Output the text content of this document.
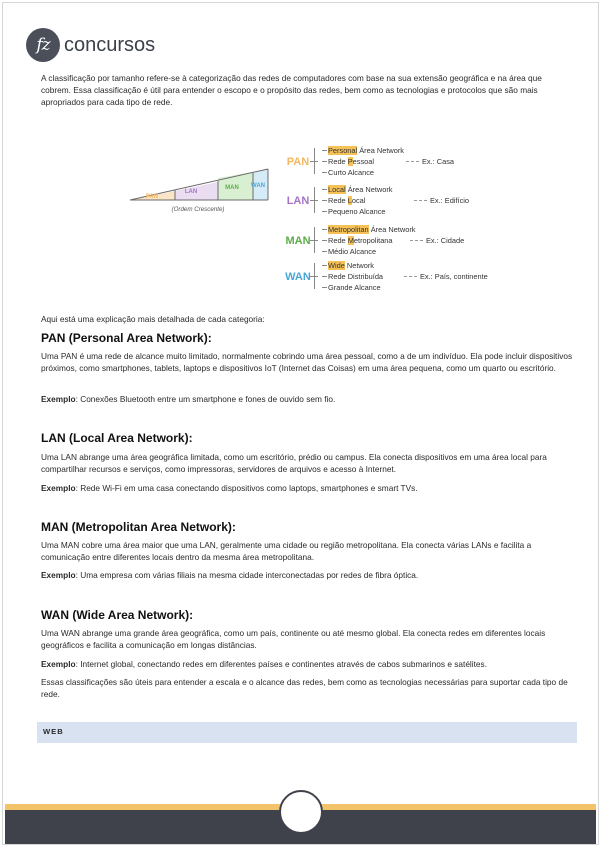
fz concursos

A classificação por tamanho refere-se à categorização das redes de computadores com base na sua extensão geográfica e na área que cobrem. Essa classificação é útil para entender o escopo e o propósito das redes, bem como as tecnologias e protocolos que são mais apropriados para cada tipo de rede.

PAN
LAN
MAN WAN
(Ordem Crescente)
PAN
Personal Área Network
Rede Pessoal
Curto Alcance
Ex.: Casa
LAN
Local Área Network
Rede Local
Pequeno Alcance
Ex.: Edifício
MAN
Metropolitan Área Network
Rede Metropolitana
Médio Alcance
Ex.: Cidade
WAN
Wide Network
Rede Distribuída
Grande Alcance
Ex.: País, continente

Aqui está uma explicação mais detalhada de cada categoria:

PAN (Personal Area Network):

Uma PAN é uma rede de alcance muito limitado, normalmente cobrindo uma área pessoal, como a de um indivíduo. Ela pode incluir dispositivos próximos, como smartphones, tablets, laptops e dispositivos IoT (Internet das Coisas) em uma área pequena, como um quarto ou escritório.

Exemplo: Conexões Bluetooth entre um smartphone e fones de ouvido sem fio.

LAN (Local Area Network):

Uma LAN abrange uma área geográfica limitada, como um escritório, prédio ou campus. Ela conecta dispositivos em uma área local para compartilhar recursos e serviços, como impressoras, servidores de arquivos e acesso à Internet.

Exemplo: Rede Wi-Fi em uma casa conectando dispositivos como laptops, smartphones e smart TVs.

MAN (Metropolitan Area Network):

Uma MAN cobre uma área maior que uma LAN, geralmente uma cidade ou região metropolitana. Ela conecta várias LANs e facilita a comunicação entre diferentes locais dentro da mesma área metropolitana.

Exemplo: Uma empresa com várias filiais na mesma cidade interconectadas por redes de fibra óptica.

WAN (Wide Area Network):

Uma WAN abrange uma grande área geográfica, como um país, continente ou até mesmo global. Ela conecta redes em diferentes locais geográficos e facilita a comunicação em longas distâncias.

Exemplo: Internet global, conectando redes em diferentes países e continentes através de cabos submarinos e satélites.

Essas classificações são úteis para entender a escala e o alcance das redes, bem como as tecnologias necessárias para suportar cada tipo de rede.

WEB
